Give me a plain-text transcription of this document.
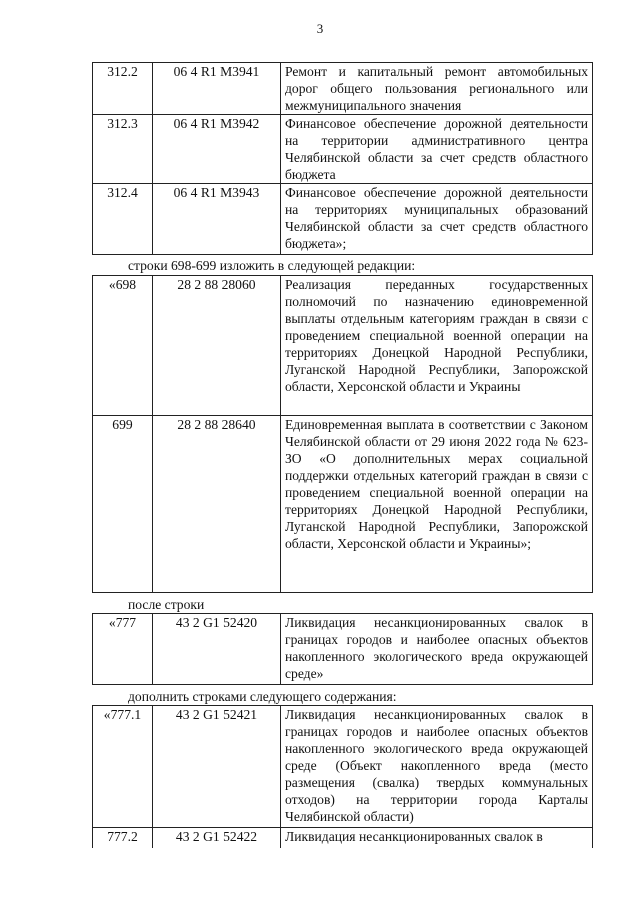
3
312.2	06 4 R1 M3941	Ремонт и капитальный ремонт автомобильных дорог общего пользования регионального или межмуниципального значения
312.3	06 4 R1 M3942	Финансовое обеспечение дорожной деятельности на территории административного центра Челябинской области за счет средств областного бюджета
312.4	06 4 R1 M3943	Финансовое обеспечение дорожной деятельности на территориях муниципальных образований Челябинской области за счет средств областного бюджета»;
строки 698-699 изложить в следующей редакции:
«698	28 2 88 28060	Реализация переданных государственных полномочий по назначению единовременной выплаты отдельным категориям граждан в связи с проведением специальной военной операции на территориях Донецкой Народной Республики, Луганской Народной Республики, Запорожской области, Херсонской области и Украины
699	28 2 88 28640	Единовременная выплата в соответствии с Законом Челябинской области от 29 июня 2022 года № 623-ЗО «О дополнительных мерах социальной поддержки отдельных категорий граждан в связи с проведением специальной военной операции на территориях Донецкой Народной Республики, Луганской Народной Республики, Запорожской области, Херсонской области и Украины»;
после строки
«777	43 2 G1 52420	Ликвидация несанкционированных свалок в границах городов и наиболее опасных объектов накопленного экологического вреда окружающей среде»
дополнить строками следующего содержания:
«777.1	43 2 G1 52421	Ликвидация несанкционированных свалок в границах городов и наиболее опасных объектов накопленного экологического вреда окружающей среде (Объект накопленного вреда (место размещения (свалка) твердых коммунальных отходов) на территории города Карталы Челябинской области)
777.2	43 2 G1 52422	Ликвидация несанкционированных свалок в
